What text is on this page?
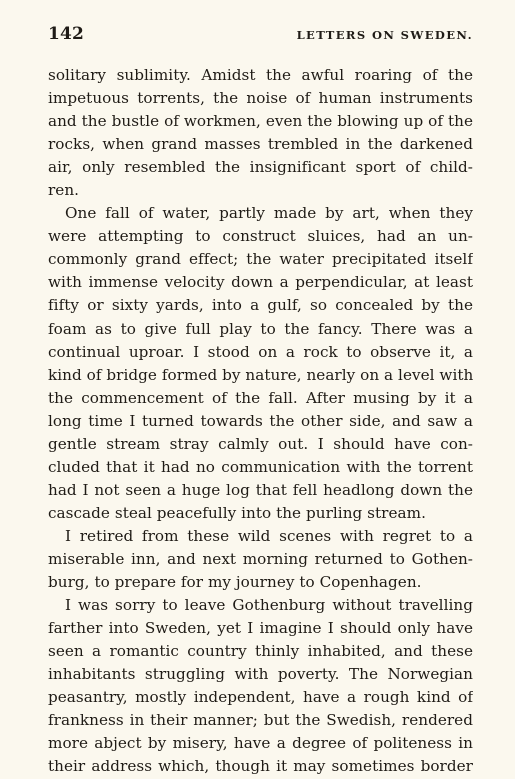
142	LETTERS ON SWEDEN.
solitary sublimity. Amidst the awful roaring of the
impetuous torrents, the noise of human instruments
and the bustle of workmen, even the blowing up of the
rocks, when grand masses trembled in the darkened
air, only resembled the insignificant sport of child-
ren.
One fall of water, partly made by art, when they
were attempting to construct sluices, had an un-
commonly grand effect; the water precipitated itself
with immense velocity down a perpendicular, at least
fifty or sixty yards, into a gulf, so concealed by the
foam as to give full play to the fancy. There was a
continual uproar. I stood on a rock to observe it, a
kind of bridge formed by nature, nearly on a level with
the commencement of the fall. After musing by it a
long time I turned towards the other side, and saw a
gentle stream stray calmly out. I should have con-
cluded that it had no communication with the torrent
had I not seen a huge log that fell headlong down the
cascade steal peacefully into the purling stream.
I retired from these wild scenes with regret to a
miserable inn, and next morning returned to Gothen-
burg, to prepare for my journey to Copenhagen.
I was sorry to leave Gothenburg without travelling
farther into Sweden, yet I imagine I should only have
seen a romantic country thinly inhabited, and these
inhabitants struggling with poverty. The Norwegian
peasantry, mostly independent, have a rough kind of
frankness in their manner; but the Swedish, rendered
more abject by misery, have a degree of politeness in
their address which, though it may sometimes border
